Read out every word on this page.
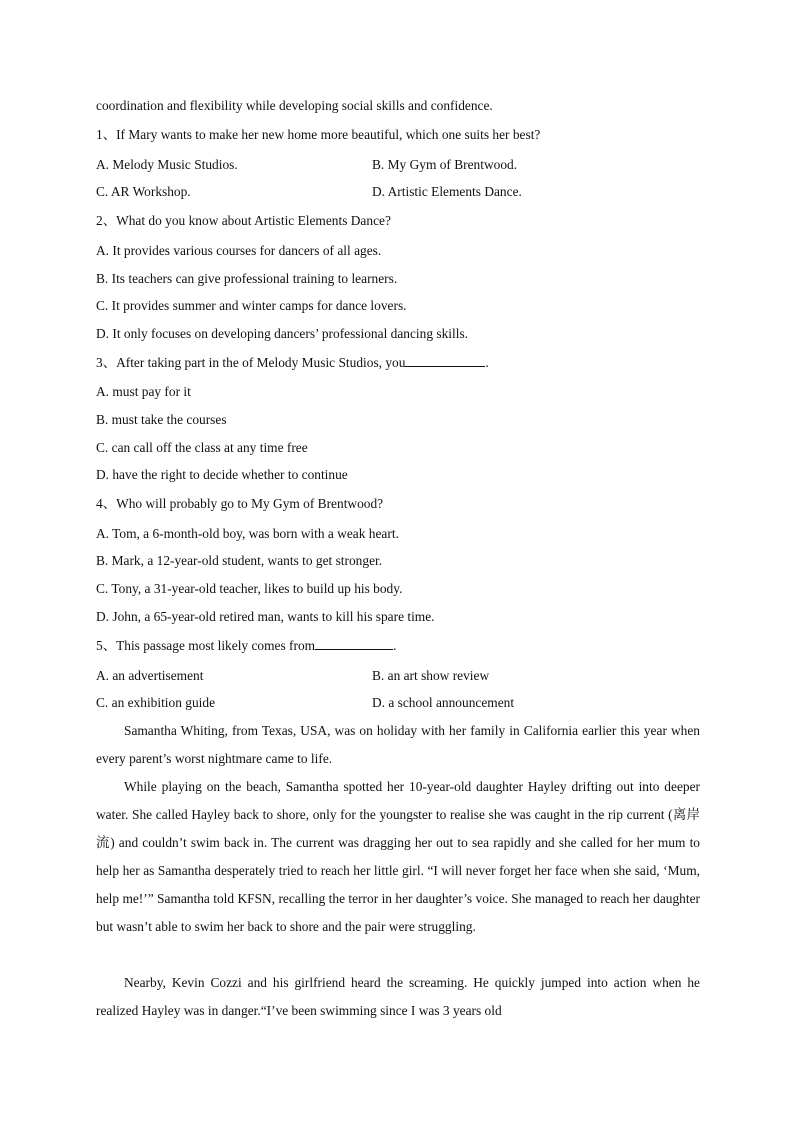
coordination and flexibility while developing social skills and confidence.
1、If Mary wants to make her new home more beautiful, which one suits her best?
A. Melody Music Studios.	B. My Gym of Brentwood.
C. AR Workshop.	D. Artistic Elements Dance.
2、What do you know about Artistic Elements Dance?
A. It provides various courses for dancers of all ages.
B. Its teachers can give professional training to learners.
C. It provides summer and winter camps for dance lovers.
D. It only focuses on developing dancers’ professional dancing skills.
3、After taking part in the of Melody Music Studios, you	.
A. must pay for it
B. must take the courses
C. can call off the class at any time free
D. have the right to decide whether to continue
4、Who will probably go to My Gym of Brentwood?
A. Tom, a 6-month-old boy, was born with a weak heart.
B. Mark, a 12-year-old student, wants to get stronger.
C. Tony, a 31-year-old teacher, likes to build up his body.
D. John, a 65-year-old retired man, wants to kill his spare time.
5、This passage most likely comes from	.
A. an advertisement	B. an art show review
C. an exhibition guide	D. a school announcement
Samantha Whiting, from Texas, USA, was on holiday with her family in California earlier this year when every parent’s worst nightmare came to life.
While playing on the beach, Samantha spotted her 10-year-old daughter Hayley drifting out into deeper water. She called Hayley back to shore, only for the youngster to realise she was caught in the rip current (离岸流) and couldn’t swim back in. The current was dragging her out to sea rapidly and she called for her mum to help her as Samantha desperately tried to reach her little girl. “I will never forget her face when she said, ‘Mum, help me!’” Samantha told KFSN, recalling the terror in her daughter’s voice. She managed to reach her daughter but wasn’t able to swim her back to shore and the pair were struggling.
Nearby, Kevin Cozzi and his girlfriend heard the screaming. He quickly jumped into action when he realized Hayley was in danger.“I’ve been swimming since I was 3 years old
